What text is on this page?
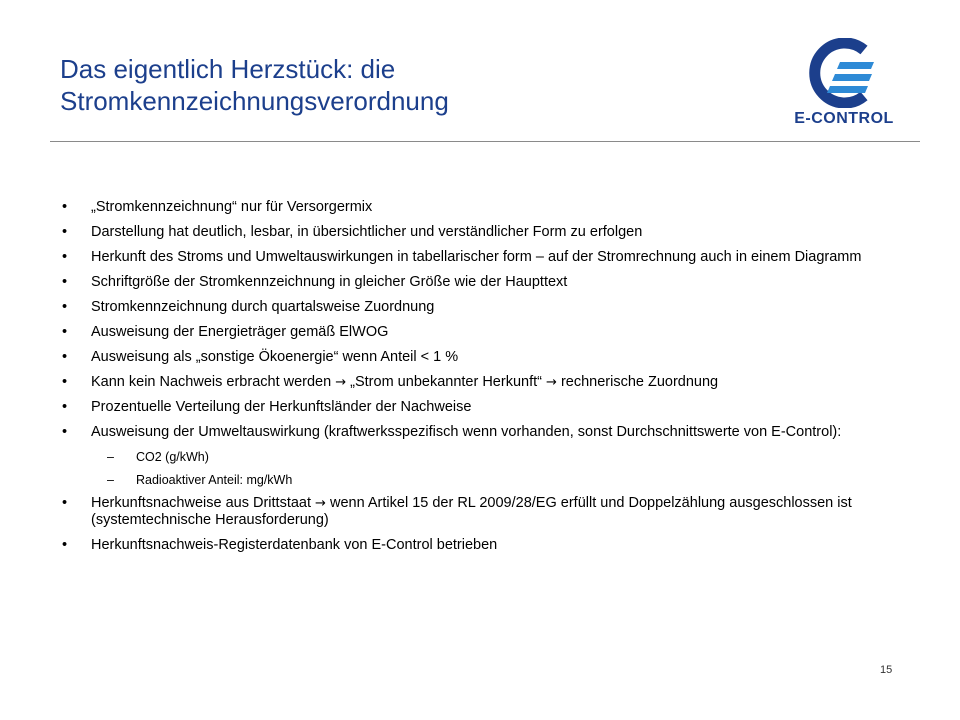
Das eigentlich Herzstück: die
Stromkennzeichnungsverordnung
E-CONTROL
• „Stromkennzeichnung“ nur für Versorgermix
• Darstellung hat deutlich, lesbar, in übersichtlicher und verständlicher Form zu erfolgen
• Herkunft des Stroms und Umweltauswirkungen in tabellarischer form – auf der Stromrechnung auch in einem Diagramm
• Schriftgröße der Stromkennzeichnung in gleicher Größe wie der Haupttext
• Stromkennzeichnung durch quartalsweise Zuordnung
• Ausweisung der Energieträger gemäß ElWOG
• Ausweisung als „sonstige Ökoenergie“ wenn Anteil < 1 %
• Kann kein Nachweis erbracht werden → „Strom unbekannter Herkunft“ → rechnerische Zuordnung
• Prozentuelle Verteilung der Herkunftsländer der Nachweise
• Ausweisung der Umweltauswirkung (kraftwerksspezifisch wenn vorhanden, sonst Durchschnittswerte von E-Control):
– CO2 (g/kWh)
– Radioaktiver Anteil: mg/kWh
• Herkunftsnachweise aus Drittstaat → wenn Artikel 15 der RL 2009/28/EG erfüllt und Doppelzählung ausgeschlossen ist (systemtechnische Herausforderung)
• Herkunftsnachweis-Registerdatenbank von E-Control betrieben
15
